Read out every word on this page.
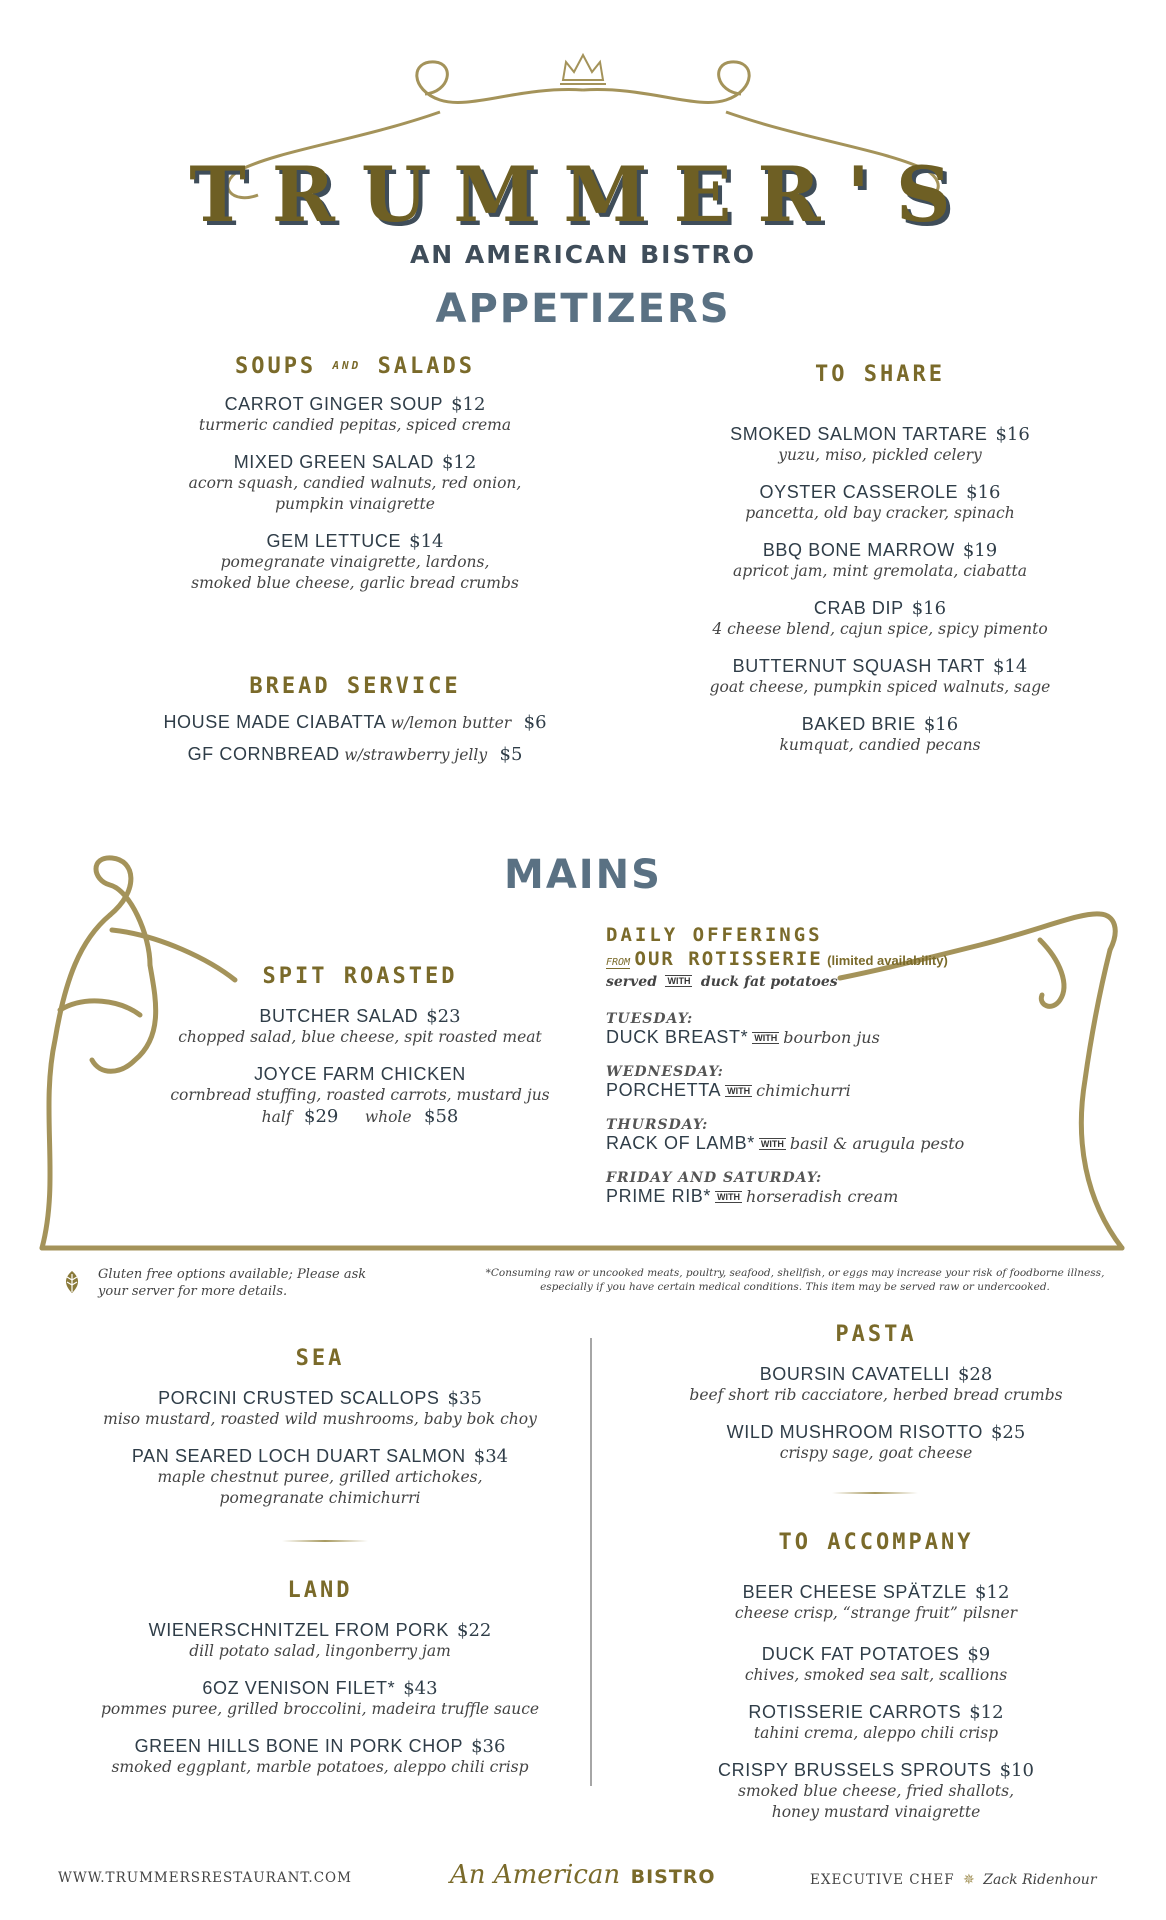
TRUMMER'S
AN AMERICAN BISTRO
APPETIZERS
SOUPS AND SALADS
CARROT GINGER SOUP $12
turmeric candied pepitas, spiced crema
MIXED GREEN SALAD $12
acorn squash, candied walnuts, red onion,
pumpkin vinaigrette
GEM LETTUCE $14
pomegranate vinaigrette, lardons,
smoked blue cheese, garlic bread crumbs
BREAD SERVICE
HOUSE MADE CIABATTA w/lemon butter $6
GF CORNBREAD w/strawberry jelly $5
TO SHARE
SMOKED SALMON TARTARE $16
yuzu, miso, pickled celery
OYSTER CASSEROLE $16
pancetta, old bay cracker, spinach
BBQ BONE MARROW $19
apricot jam, mint gremolata, ciabatta
CRAB DIP $16
4 cheese blend, cajun spice, spicy pimento
BUTTERNUT SQUASH TART $14
goat cheese, pumpkin spiced walnuts, sage
BAKED BRIE $16
kumquat, candied pecans
MAINS
SPIT ROASTED
BUTCHER SALAD $23
chopped salad, blue cheese, spit roasted meat
JOYCE FARM CHICKEN
cornbread stuffing, roasted carrots, mustard jus
half $29 whole $58
DAILY OFFERINGS
FROM OUR ROTISSERIE (limited availability)
served WITH duck fat potatoes
TUESDAY:
DUCK BREAST* WITH bourbon jus
WEDNESDAY:
PORCHETTA WITH chimichurri
THURSDAY:
RACK OF LAMB* WITH basil & arugula pesto
FRIDAY AND SATURDAY:
PRIME RIB* WITH horseradish cream
Gluten free options available; Please ask
your server for more details.
*Consuming raw or uncooked meats, poultry, seafood, shellfish, or eggs may increase your risk of foodborne illness,
especially if you have certain medical conditions. This item may be served raw or undercooked.
SEA
PORCINI CRUSTED SCALLOPS $35
miso mustard, roasted wild mushrooms, baby bok choy
PAN SEARED LOCH DUART SALMON $34
maple chestnut puree, grilled artichokes,
pomegranate chimichurri
LAND
WIENERSCHNITZEL FROM PORK $22
dill potato salad, lingonberry jam
6OZ VENISON FILET* $43
pommes puree, grilled broccolini, madeira truffle sauce
GREEN HILLS BONE IN PORK CHOP $36
smoked eggplant, marble potatoes, aleppo chili crisp
PASTA
BOURSIN CAVATELLI $28
beef short rib cacciatore, herbed bread crumbs
WILD MUSHROOM RISOTTO $25
crispy sage, goat cheese
TO ACCOMPANY
BEER CHEESE SPÄTZLE $12
cheese crisp, “strange fruit” pilsner
DUCK FAT POTATOES $9
chives, smoked sea salt, scallions
ROTISSERIE CARROTS $12
tahini crema, aleppo chili crisp
CRISPY BRUSSELS SPROUTS $10
smoked blue cheese, fried shallots,
honey mustard vinaigrette
WWW.TRUMMERSRESTAURANT.COM	An American BISTRO	EXECUTIVE CHEF ✵ Zack Ridenhour
